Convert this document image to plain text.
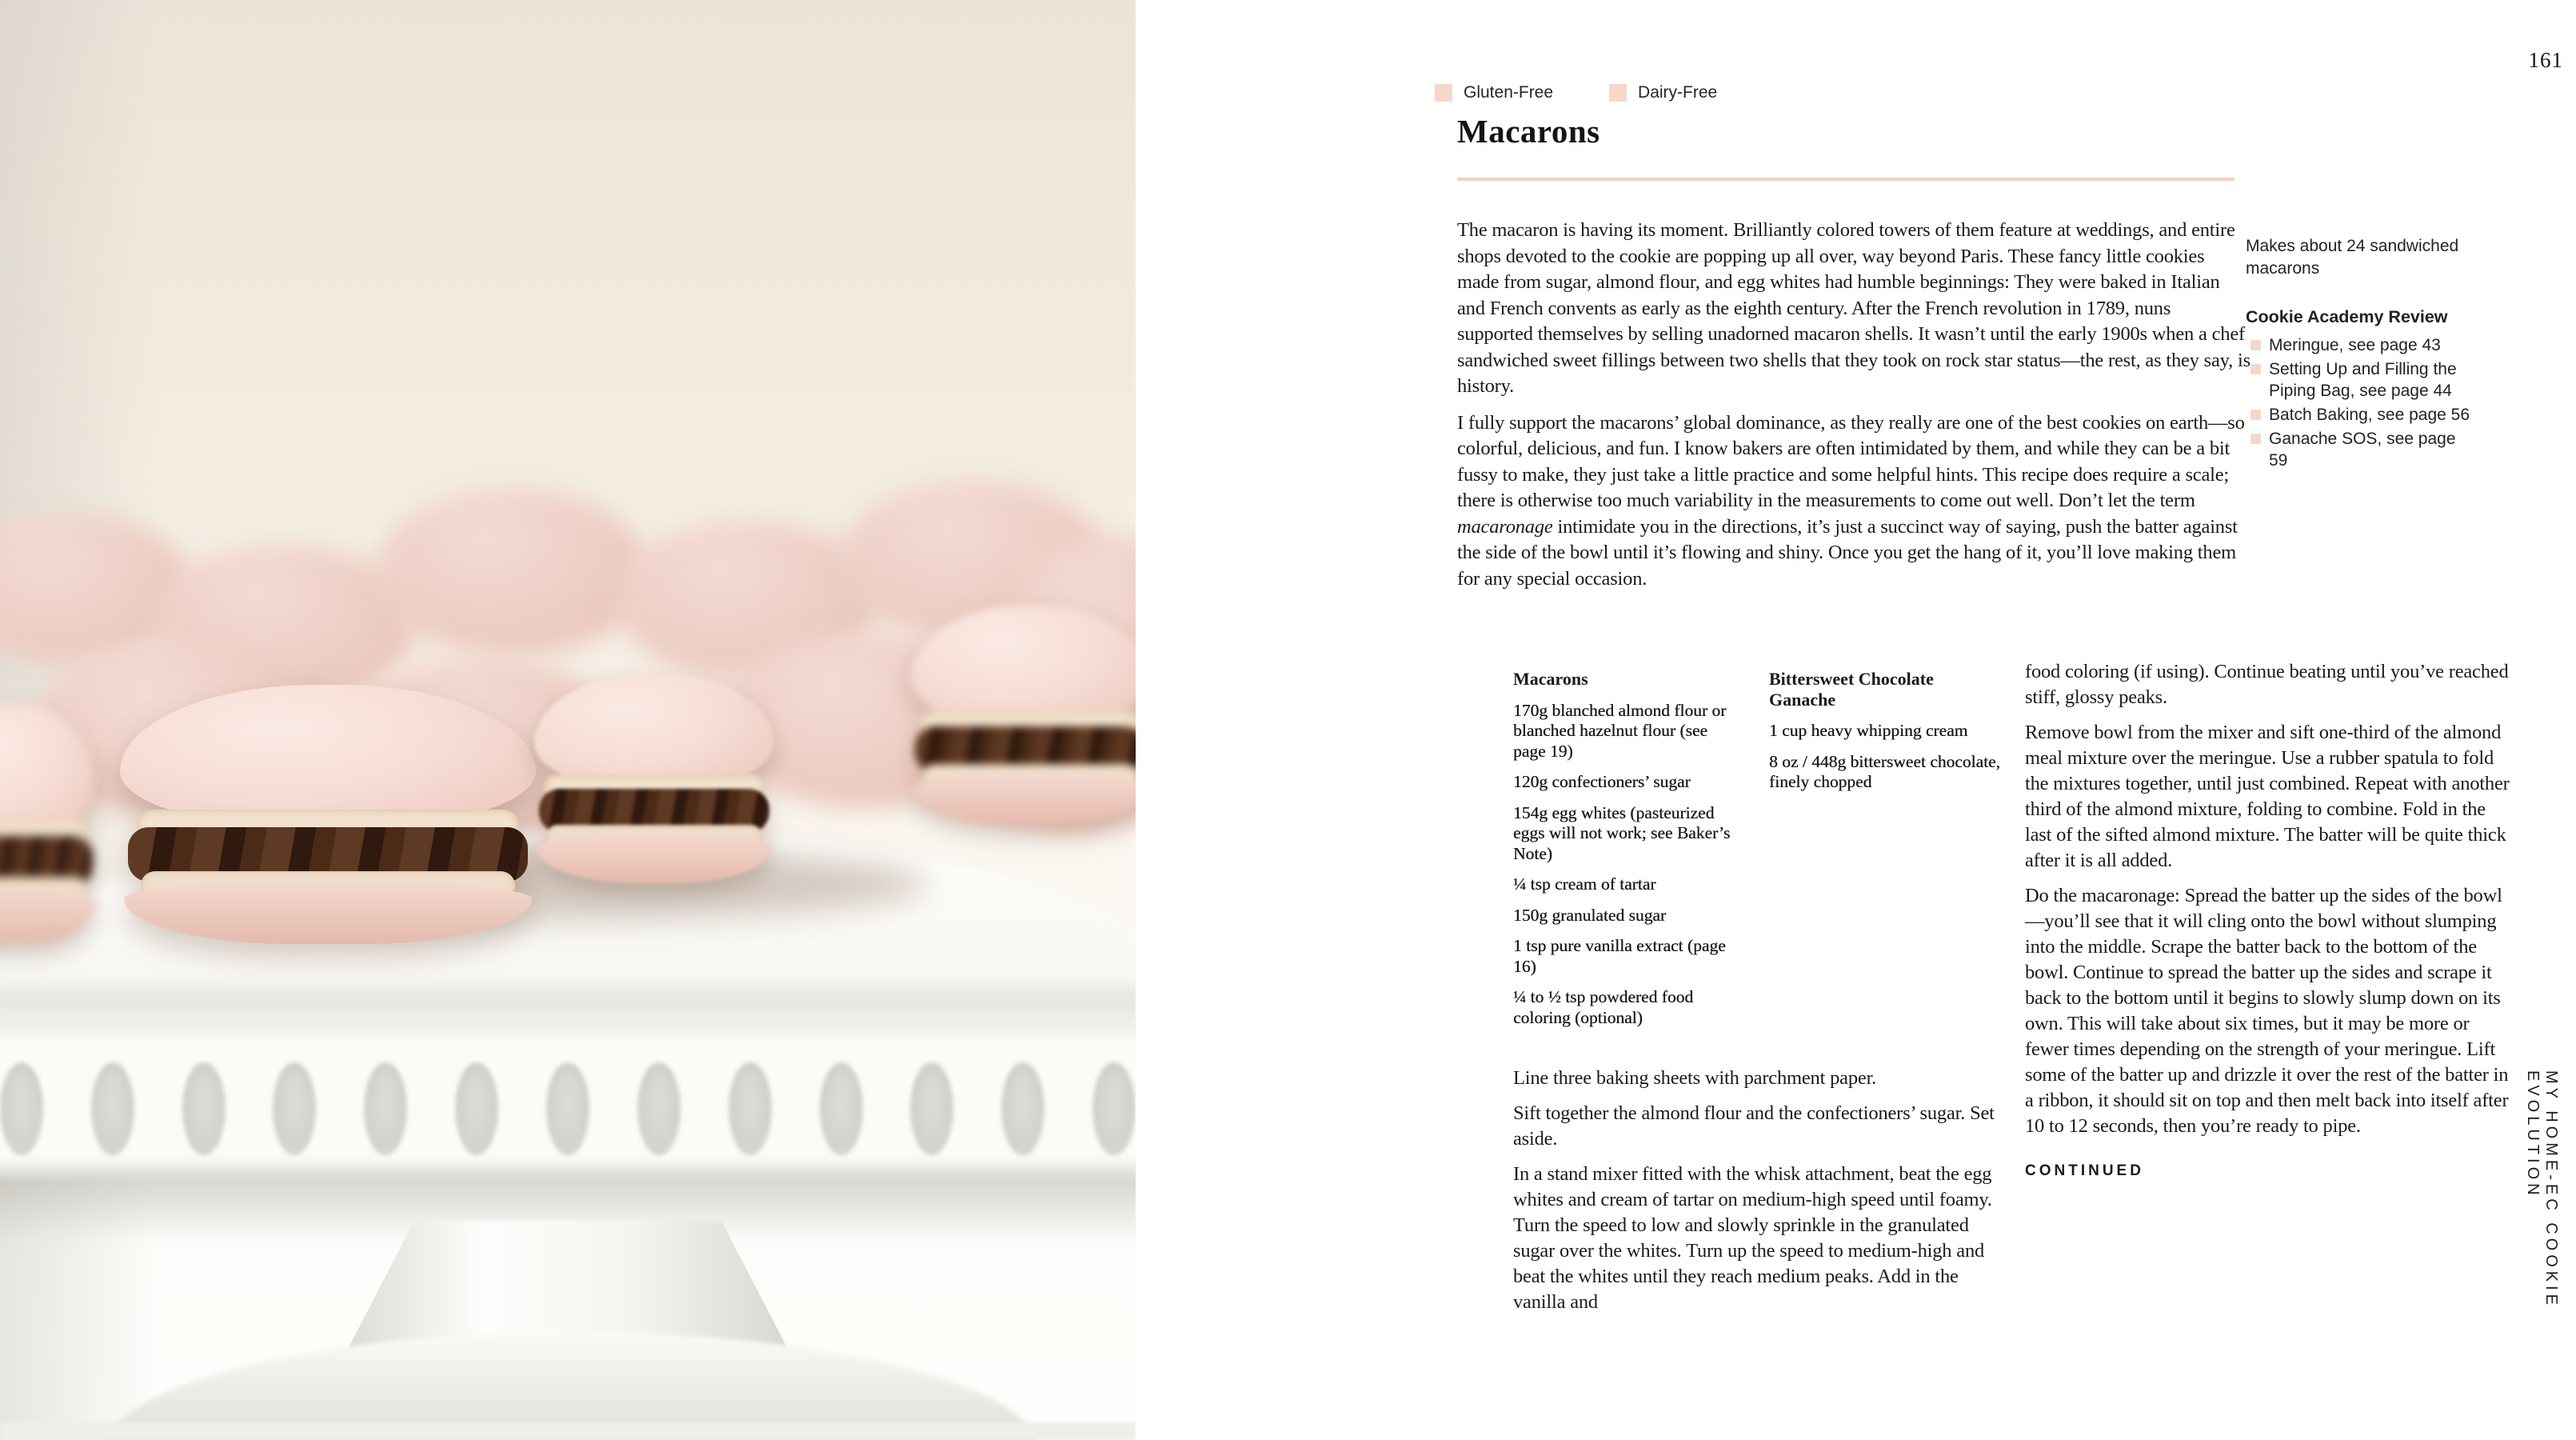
161
Gluten-Free	Dairy-Free
Macarons

The macaron is having its moment. Brilliantly colored towers of them feature at weddings, and entire shops devoted to the cookie are popping up all over, way beyond Paris. These fancy little cookies made from sugar, almond flour, and egg whites had humble beginnings: They were baked in Italian and French convents as early as the eighth century. After the French revolution in 1789, nuns supported themselves by selling unadorned macaron shells. It wasn’t until the early 1900s when a chef sandwiched sweet fillings between two shells that they took on rock star status—the rest, as they say, is history.

I fully support the macarons’ global dominance, as they really are one of the best cookies on earth—so colorful, delicious, and fun. I know bakers are often intimidated by them, and while they can be a bit fussy to make, they just take a little practice and some helpful hints. This recipe does require a scale; there is otherwise too much variability in the measurements to come out well. Don’t let the term macaronage intimidate you in the directions, it’s just a succinct way of saying, push the batter against the side of the bowl until it’s flowing and shiny. Once you get the hang of it, you’ll love making them for any special occasion.

Makes about 24 sandwiched macarons
Cookie Academy Review
Meringue, see page 43
Setting Up and Filling the Piping Bag, see page 44
Batch Baking, see page 56
Ganache SOS, see page 59
Macarons

170g blanched almond flour or blanched hazelnut flour (see page 19)

120g confectioners’ sugar

154g egg whites (pasteurized eggs will not work; see Baker’s Note)

¼ tsp cream of tartar

150g granulated sugar

1 tsp pure vanilla extract (page 16)

¼ to ½ tsp powdered food coloring (optional)

Bittersweet Chocolate Ganache

1 cup heavy whipping cream

8 oz / 448g bittersweet chocolate, finely chopped

Line three baking sheets with parchment paper.

Sift together the almond flour and the confectioners’ sugar. Set aside.

In a stand mixer fitted with the whisk attachment, beat the egg whites and cream of tartar on medium-high speed until foamy. Turn the speed to low and slowly sprinkle in the granulated sugar over the whites. Turn up the speed to medium-high and beat the whites until they reach medium peaks. Add in the vanilla and

food coloring (if using). Continue beating until you’ve reached stiff, glossy peaks.

Remove bowl from the mixer and sift one-third of the almond meal mixture over the meringue. Use a rubber spatula to fold the mixtures together, until just combined. Repeat with another third of the almond mixture, folding to combine. Fold in the last of the sifted almond mixture. The batter will be quite thick after it is all added.

Do the macaronage: Spread the batter up the sides of the bowl—you’ll see that it will cling onto the bowl without slumping into the middle. Scrape the batter back to the bottom of the bowl. Continue to spread the batter up the sides and scrape it back to the bottom until it begins to slowly slump down on its own. This will take about six times, but it may be more or fewer times depending on the strength of your meringue. Lift some of the batter up and drizzle it over the rest of the batter in a ribbon, it should sit on top and then melt back into itself after 10 to 12 seconds, then you’re ready to pipe.

CONTINUED	MY HOME-EC COOKIE EVOLUTION
